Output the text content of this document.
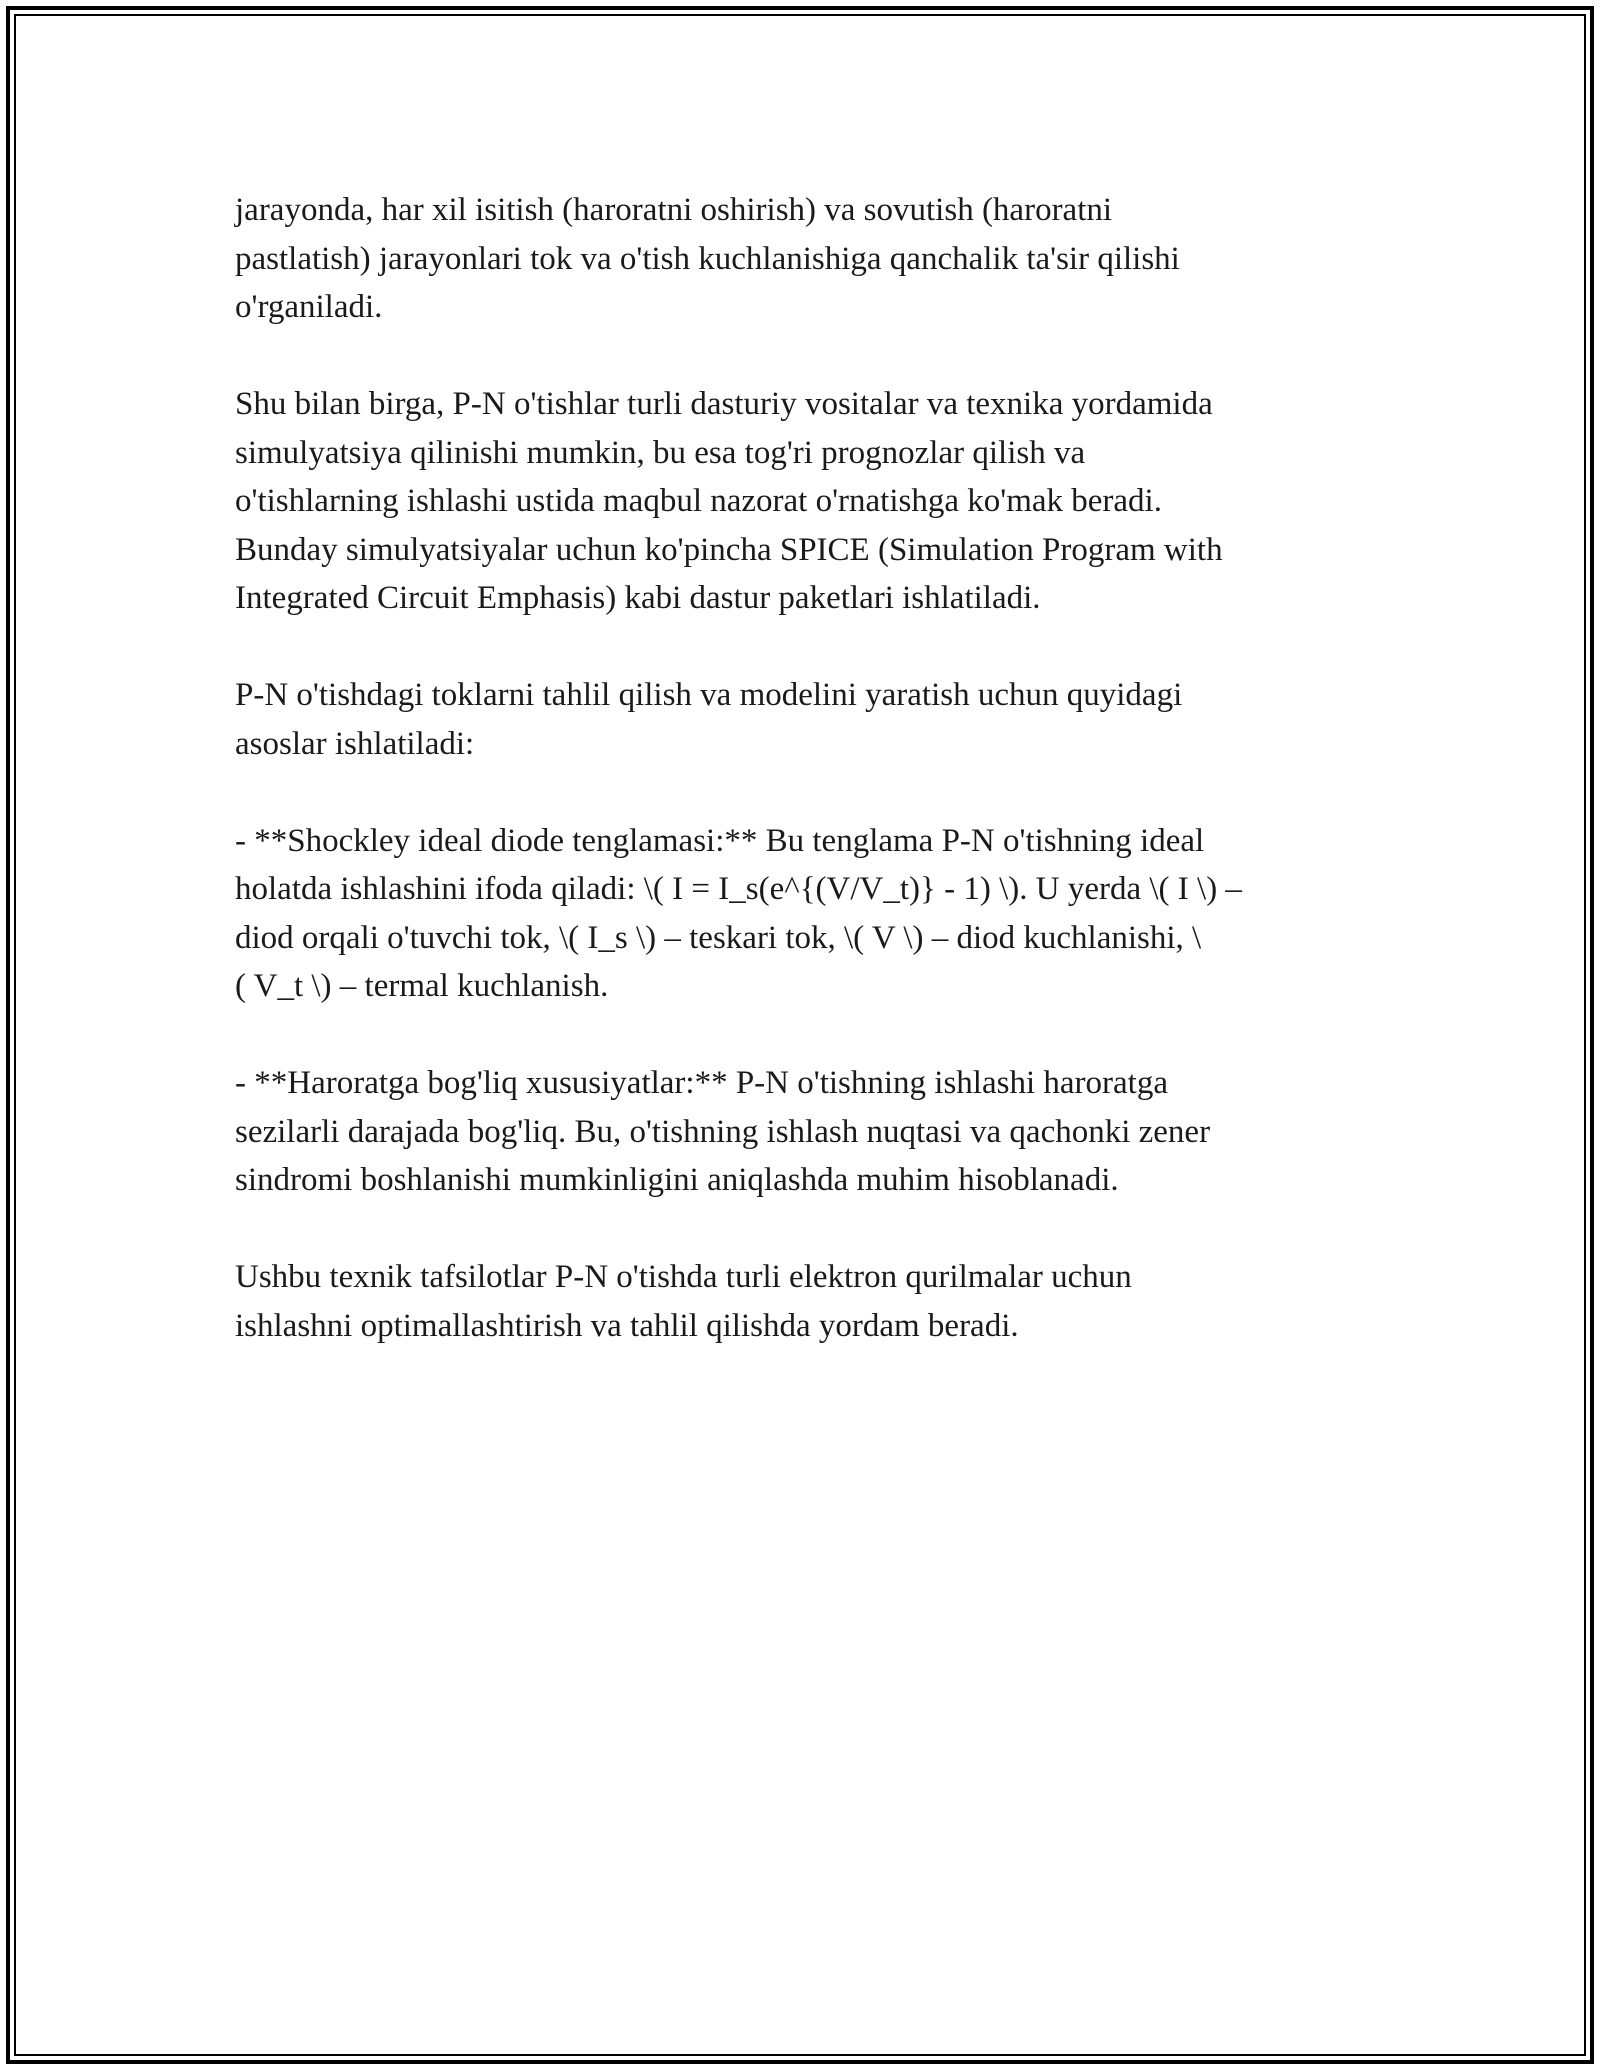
jarayonda, har xil isitish (haroratni oshirish) va sovutish (haroratni
pastlatish) jarayonlari tok va o'tish kuchlanishiga qanchalik ta'sir qilishi
o'rganiladi.

Shu bilan birga, P-N o'tishlar turli dasturiy vositalar va texnika yordamida
simulyatsiya qilinishi mumkin, bu esa tog'ri prognozlar qilish va
o'tishlarning ishlashi ustida maqbul nazorat o'rnatishga ko'mak beradi.
Bunday simulyatsiyalar uchun ko'pincha SPICE (Simulation Program with
Integrated Circuit Emphasis) kabi dastur paketlari ishlatiladi.

P-N o'tishdagi toklarni tahlil qilish va modelini yaratish uchun quyidagi
asoslar ishlatiladi:

- **Shockley ideal diode tenglamasi:** Bu tenglama P-N o'tishning ideal
holatda ishlashini ifoda qiladi: \( I = I_s(e^{(V/V_t)} - 1) \). U yerda \( I \) –
diod orqali o'tuvchi tok, \( I_s \) – teskari tok, \( V \) – diod kuchlanishi, \
( V_t \) – termal kuchlanish.

- **Haroratga bog'liq xususiyatlar:** P-N o'tishning ishlashi haroratga
sezilarli darajada bog'liq. Bu, o'tishning ishlash nuqtasi va qachonki zener
sindromi boshlanishi mumkinligini aniqlashda muhim hisoblanadi.

Ushbu texnik tafsilotlar P-N o'tishda turli elektron qurilmalar uchun
ishlashni optimallashtirish va tahlil qilishda yordam beradi.
